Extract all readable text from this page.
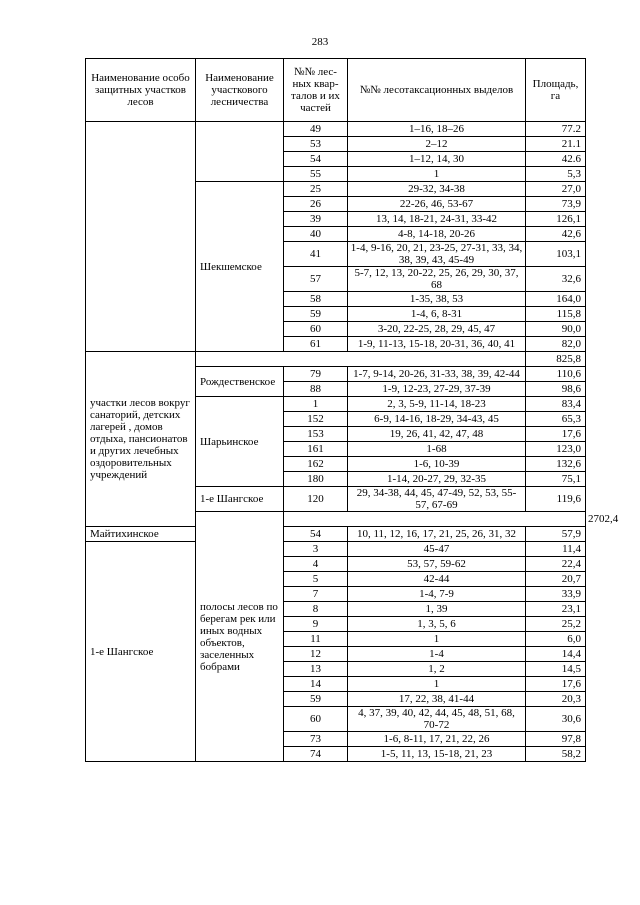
283
Наименование особо защитных участков лесов	Наименование участкового лесничества	№№ лес- ных квар- талов и их частей	№№ лесотаксационных выделов	Площадь, га	
		49	1–16, 18–26	77.2	
		53	2–12	21.1	
		54	1–12, 14, 30	42.6	
		55	1	5,3	
	Шекшемское	25	29-32, 34-38	27,0	
		26	22-26, 46, 53-67	73,9	
		39	13, 14, 18-21, 24-31, 33-42	126,1	
		40	4-8, 14-18, 20-26	42,6	
		41	1-4, 9-16, 20, 21, 23-25, 27-31, 33, 34, 38, 39, 43, 45-49	103,1	
		57	5-7, 12, 13, 20-22, 25, 26, 29, 30, 37, 68	32,6	
		58	1-35, 38, 53	164,0	
		59	1-4, 6, 8-31	115,8	
		60	3-20, 22-25, 28, 29, 45, 47	90,0	
		61	1-9, 11-13, 15-18, 20-31, 36, 40, 41	82,0	
участки лесов вокруг санаторий, детских лагерей , домов отдыха, пансионатов и других лечебных оздоровительных учреждений				825,8	
	Рождественское	79	1-7, 9-14, 20-26, 31-33, 38, 39, 42-44	110,6	
		88	1-9, 12-23, 27-29, 37-39	98,6	
	Шарьинское	1	2, 3, 5-9, 11-14, 18-23	83,4	
		152	6-9, 14-16, 18-29, 34-43, 45	65,3	
		153	19, 26, 41, 42, 47, 48	17,6	
		161	1-68	123,0	
		162	1-6, 10-39	132,6	
		180	1-14, 20-27, 29, 32-35	75,1	
	1-е Шангское	120	29, 34-38, 44, 45, 47-49, 52, 53, 55-57, 67-69	119,6	
	полосы лесов по берегам рек или иных водных объектов, заселенных бобрами				2702,4
Майтихинское		54	10, 11, 12, 16, 17, 21, 25, 26, 31, 32	57,9	
1-е Шангское		3	45-47	11,4	
		4	53, 57, 59-62	22,4	
		5	42-44	20,7	
		7	1-4, 7-9	33,9	
		8	1, 39	23,1	
		9	1, 3, 5, 6	25,2	
		11	1	6,0	
		12	1-4	14,4	
		13	1, 2	14,5	
		14	1	17,6	
		59	17, 22, 38, 41-44	20,3	
		60	4, 37, 39, 40, 42, 44, 45, 48, 51, 68, 70-72	30,6	
		73	1-6, 8-11, 17, 21, 22, 26	97,8	
		74	1-5, 11, 13, 15-18, 21, 23	58,2	
